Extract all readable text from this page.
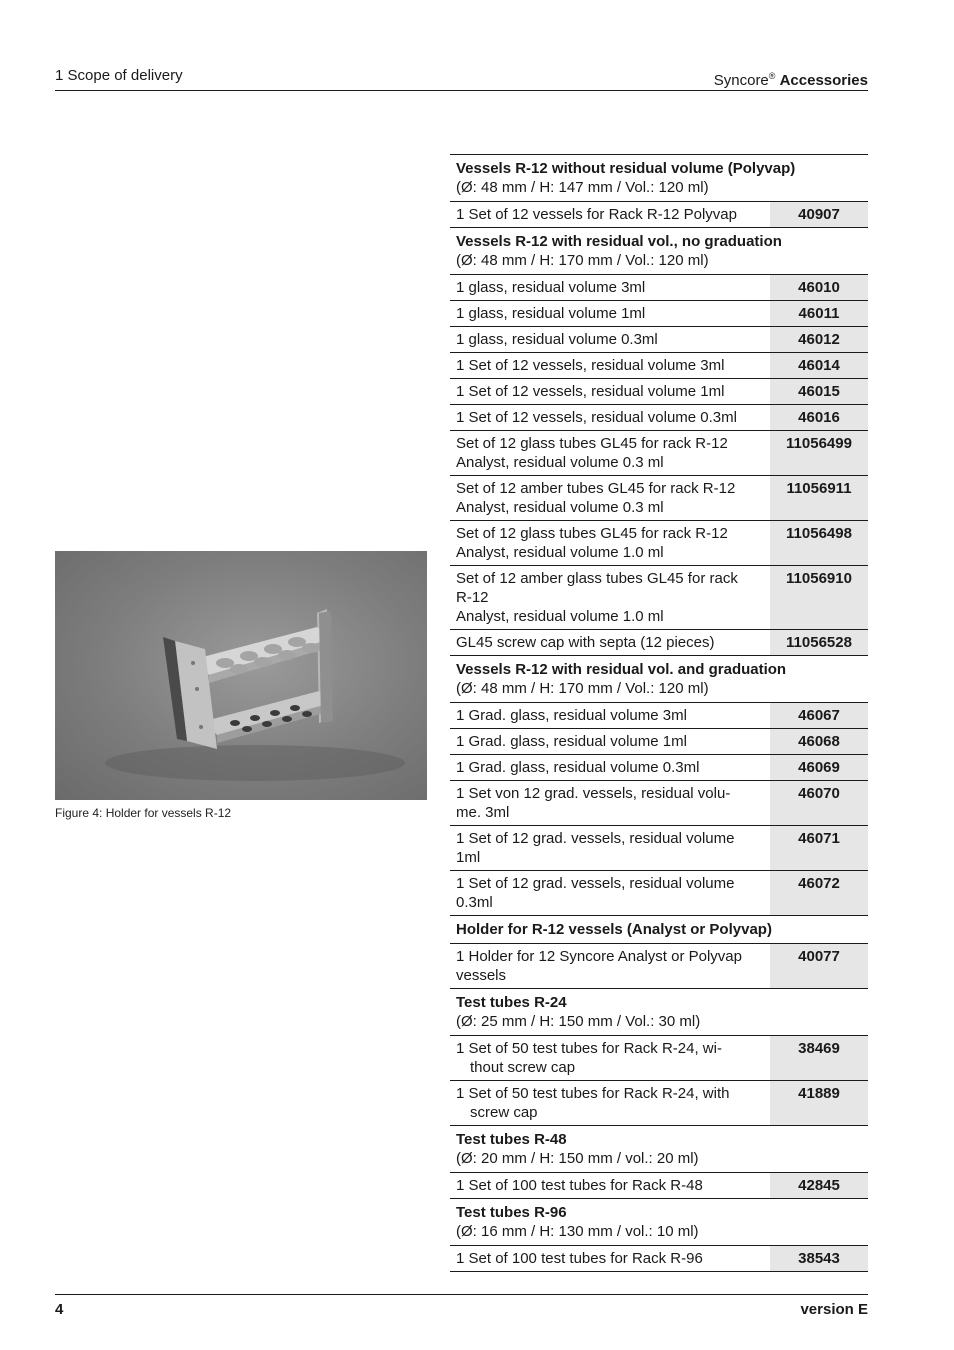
1 Scope of delivery	Syncore® Accessories
Figure 4: Holder for vessels R-12
Vessels R-12 without residual volume (Polyvap)
(Ø: 48 mm / H: 147 mm / Vol.: 120 ml)	

1 Set of 12 vessels for Rack R-12 Polyvap	40907

Vessels R-12 with residual vol., no graduation
(Ø: 48 mm / H: 170 mm / Vol.: 120 ml)	

1 glass, residual volume 3ml	46010
1 glass, residual volume 1ml	46011
1 glass, residual volume 0.3ml	46012
1 Set of 12 vessels, residual volume 3ml	46014
1 Set of 12 vessels, residual volume 1ml	46015
1 Set of 12 vessels, residual volume 0.3ml	46016
Set of 12 glass tubes GL45 for rack R-12
Analyst, residual volume 0.3 ml	11056499
Set of 12 amber tubes GL45 for rack R-12
Analyst, residual volume 0.3 ml	11056911
Set of 12 glass tubes GL45 for rack R-12
Analyst, residual volume 1.0 ml	11056498
Set of 12 amber glass tubes GL45 for rack
R-12
Analyst, residual volume 1.0 ml	11056910
GL45 screw cap with septa (12 pieces)	11056528

Vessels R-12 with residual vol. and graduation
(Ø: 48 mm / H: 170 mm / Vol.: 120 ml)	

1 Grad. glass, residual volume 3ml	46067
1 Grad. glass, residual volume 1ml	46068
1 Grad. glass, residual volume 0.3ml	46069
1 Set von 12 grad. vessels, residual volu-
me. 3ml	46070
1 Set of 12 grad. vessels, residual volume
1ml	46071
1 Set of 12 grad. vessels, residual volume
0.3ml	46072

Holder for R-12 vessels (Analyst or Polyvap)	

1 Holder for 12 Syncore Analyst or Polyvap
vessels	40077

Test tubes R-24
(Ø: 25 mm / H: 150 mm / Vol.: 30 ml)	

1 Set of 50 test tubes for Rack R-24, wi-
thout screw cap	38469
1 Set of 50 test tubes for Rack R-24, with
screw cap	41889

Test tubes R-48
(Ø: 20 mm / H: 150 mm / vol.: 20 ml)	

1 Set of 100 test tubes for Rack R-48	42845

Test tubes R-96
(Ø: 16 mm / H: 130 mm / vol.: 10 ml)	

1 Set of 100 test tubes for Rack R-96	38543
4	version E
